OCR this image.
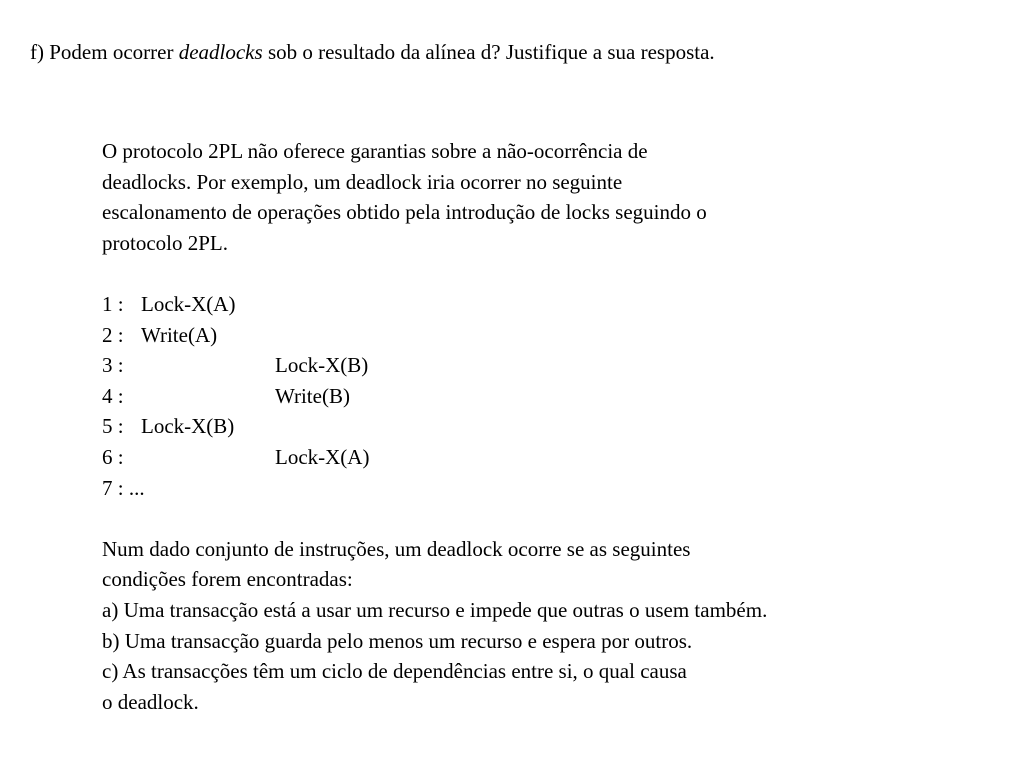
f) Podem ocorrer deadlocks sob o resultado da alínea d? Justifique a sua resposta.
O protocolo 2PL não oferece garantias sobre a não-ocorrência de
deadlocks. Por exemplo, um deadlock iria ocorrer no seguinte
escalonamento de operações obtido pela introdução de locks seguindo o
protocolo 2PL.
1 : Lock-X(A)
2 : Write(A)
3 :	Lock-X(B)
4 :	Write(B)
5 : Lock-X(B)
6 :	Lock-X(A)
7 : ...
Num dado conjunto de instruções, um deadlock ocorre se as seguintes
condições forem encontradas:
a) Uma transacção está a usar um recurso e impede que outras o usem também.
b) Uma transacção guarda pelo menos um recurso e espera por outros.
c) As transacções têm um ciclo de dependências entre si, o qual causa
o deadlock.
